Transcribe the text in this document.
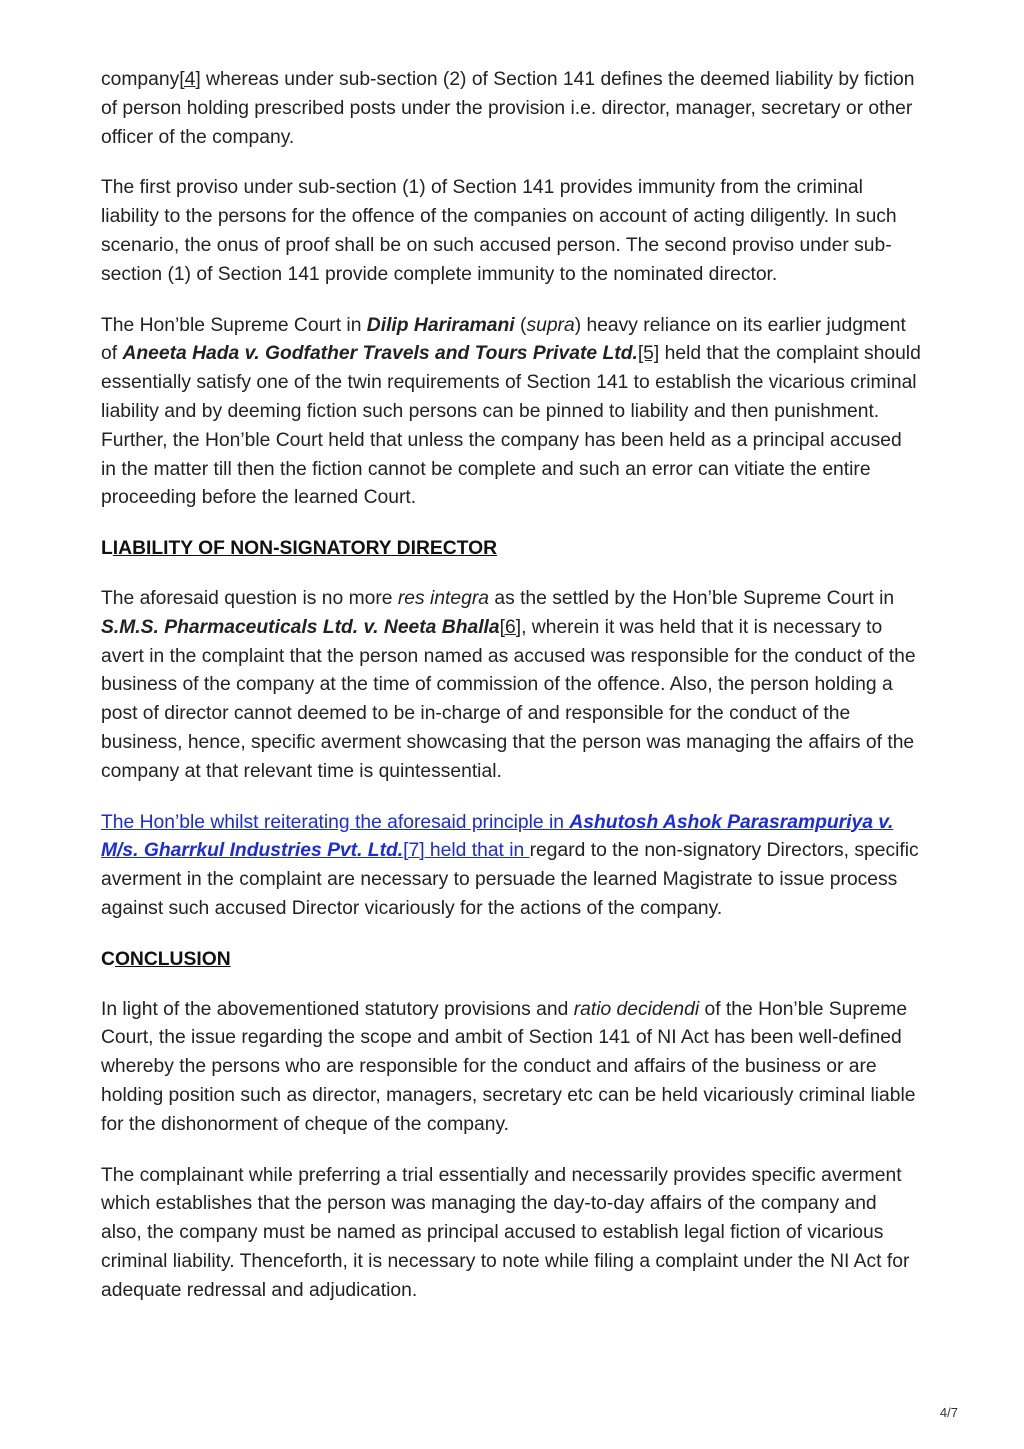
company[4] whereas under sub-section (2) of Section 141 defines the deemed liability by fiction of person holding prescribed posts under the provision i.e. director, manager, secretary or other officer of the company.

The first proviso under sub-section (1) of Section 141 provides immunity from the criminal liability to the persons for the offence of the companies on account of acting diligently. In such scenario, the onus of proof shall be on such accused person. The second proviso under sub-section (1) of Section 141 provide complete immunity to the nominated director.

The Hon’ble Supreme Court in Dilip Hariramani (supra) heavy reliance on its earlier judgment of Aneeta Hada v. Godfather Travels and Tours Private Ltd.[5] held that the complaint should essentially satisfy one of the twin requirements of Section 141 to establish the vicarious criminal liability and by deeming fiction such persons can be pinned to liability and then punishment. Further, the Hon’ble Court held that unless the company has been held as a principal accused in the matter till then the fiction cannot be complete and such an error can vitiate the entire proceeding before the learned Court.

LIABILITY OF NON-SIGNATORY DIRECTOR

The aforesaid question is no more res integra as the settled by the Hon’ble Supreme Court in S.M.S. Pharmaceuticals Ltd. v. Neeta Bhalla[6], wherein it was held that it is necessary to avert in the complaint that the person named as accused was responsible for the conduct of the business of the company at the time of commission of the offence. Also, the person holding a post of director cannot deemed to be in-charge of and responsible for the conduct of the business, hence, specific averment showcasing that the person was managing the affairs of the company at that relevant time is quintessential.

The Hon’ble whilst reiterating the aforesaid principle in Ashutosh Ashok Parasrampuriya v. M/s. Gharrkul Industries Pvt. Ltd.[7] held that in regard to the non-signatory Directors, specific averment in the complaint are necessary to persuade the learned Magistrate to issue process against such accused Director vicariously for the actions of the company.

CONCLUSION

In light of the abovementioned statutory provisions and ratio decidendi of the Hon’ble Supreme Court, the issue regarding the scope and ambit of Section 141 of NI Act has been well-defined whereby the persons who are responsible for the conduct and affairs of the business or are holding position such as director, managers, secretary etc can be held vicariously criminal liable for the dishonorment of cheque of the company.

The complainant while preferring a trial essentially and necessarily provides specific averment which establishes that the person was managing the day-to-day affairs of the company and also, the company must be named as principal accused to establish legal fiction of vicarious criminal liability. Thenceforth, it is necessary to note while filing a complaint under the NI Act for adequate redressal and adjudication.

4/7
